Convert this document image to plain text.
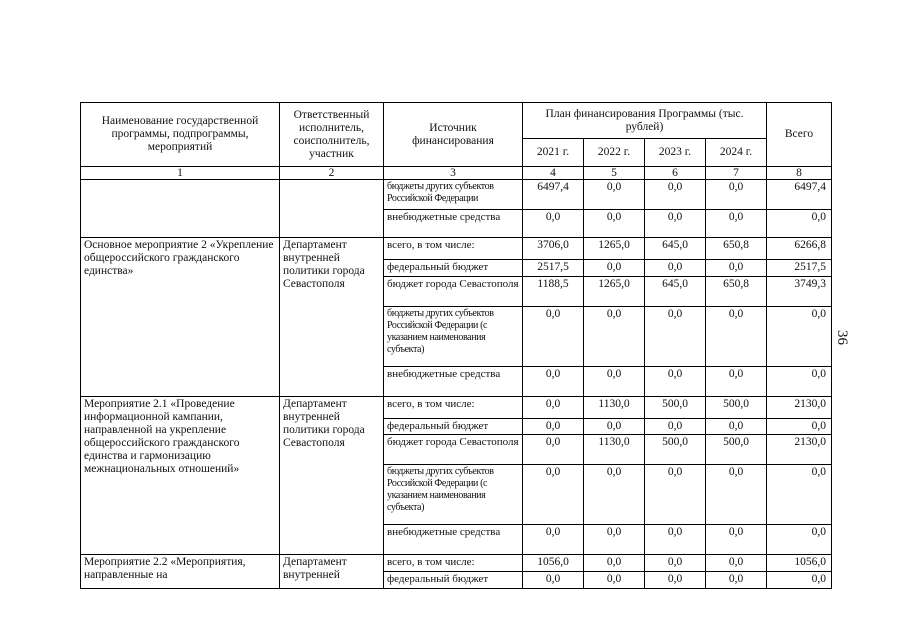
36
Наименование государственной программы, подпрограммы, мероприятий	Ответственный исполнитель, соисполнитель, участник	Источник финансирования	План финансирования Программы (тыс. рублей)				Всего
			2021 г.	2022 г.	2023 г.	2024 г.	
1	2	3	4	5	6	7	8
		бюджеты других субъектов Российской Федерации	6497,4	0,0	0,0	0,0	6497,4
		внебюджетные средства	0,0	0,0	0,0	0,0	0,0
Основное мероприятие 2 «Укрепление общероссийского гражданского единства»	Департамент внутренней политики города Севастополя	всего, в том числе:	3706,0	1265,0	645,0	650,8	6266,8
		федеральный бюджет	2517,5	0,0	0,0	0,0	2517,5
		бюджет города Севастополя	1188,5	1265,0	645,0	650,8	3749,3
		бюджеты других субъектов Российской Федерации (с указанием наименования субъекта)	0,0	0,0	0,0	0,0	0,0
		внебюджетные средства	0,0	0,0	0,0	0,0	0,0
Мероприятие 2.1 «Проведение информационной кампании, направленной на укрепление общероссийского гражданского единства и гармонизацию межнациональных отношений»	Департамент внутренней политики города Севастополя	всего, в том числе:	0,0	1130,0	500,0	500,0	2130,0
		федеральный бюджет	0,0	0,0	0,0	0,0	0,0
		бюджет города Севастополя	0,0	1130,0	500,0	500,0	2130,0
		бюджеты других субъектов Российской Федерации (с указанием наименования субъекта)	0,0	0,0	0,0	0,0	0,0
		внебюджетные средства	0,0	0,0	0,0	0,0	0,0
Мероприятие 2.2 «Мероприятия, направленные на	Департамент внутренней	всего, в том числе:	1056,0	0,0	0,0	0,0	1056,0
		федеральный бюджет	0,0	0,0	0,0	0,0	0,0
